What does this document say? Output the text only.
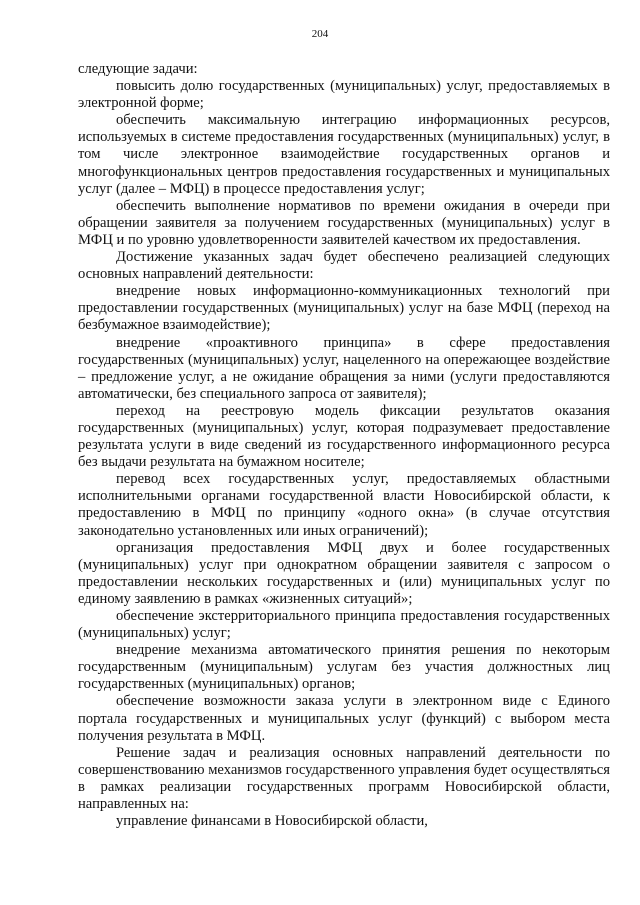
204

следующие задачи:

повысить долю государственных (муниципальных) услуг, предоставляемых в электронной форме;

обеспечить максимальную интеграцию информационных ресурсов, используемых в системе предоставления государственных (муниципальных) услуг, в том числе электронное взаимодействие государственных органов и многофункциональных центров предоставления государственных и муниципальных услуг (далее – МФЦ) в процессе предоставления услуг;

обеспечить выполнение нормативов по времени ожидания в очереди при обращении заявителя за получением государственных (муниципальных) услуг в МФЦ и по уровню удовлетворенности заявителей качеством их предоставления.

Достижение указанных задач будет обеспечено реализацией следующих основных направлений деятельности:

внедрение новых информационно-коммуникационных технологий при предоставлении государственных (муниципальных) услуг на базе МФЦ (переход на безбумажное взаимодействие);

внедрение «проактивного принципа» в сфере предоставления государственных (муниципальных) услуг, нацеленного на опережающее воздействие – предложение услуг, а не ожидание обращения за ними (услуги предоставляются автоматически, без специального запроса от заявителя);

переход на реестровую модель фиксации результатов оказания государственных (муниципальных) услуг, которая подразумевает предоставление результата услуги в виде сведений из государственного информационного ресурса без выдачи результата на бумажном носителе;

перевод всех государственных услуг, предоставляемых областными исполнительными органами государственной власти Новосибирской области, к предоставлению в МФЦ по принципу «одного окна» (в случае отсутствия законодательно установленных или иных ограничений);

организация предоставления МФЦ двух и более государственных (муниципальных) услуг при однократном обращении заявителя с запросом о предоставлении нескольких государственных и (или) муниципальных услуг по единому заявлению в рамках «жизненных ситуаций»;

обеспечение экстерриториального принципа предоставления государственных (муниципальных) услуг;

внедрение механизма автоматического принятия решения по некоторым государственным (муниципальным) услугам без участия должностных лиц государственных (муниципальных) органов;

обеспечение возможности заказа услуги в электронном виде с Единого портала государственных и муниципальных услуг (функций) с выбором места получения результата в МФЦ.

Решение задач и реализация основных направлений деятельности по совершенствованию механизмов государственного управления будет осуществляться в рамках реализации государственных программ Новосибирской области, направленных на:

управление финансами в Новосибирской области,
